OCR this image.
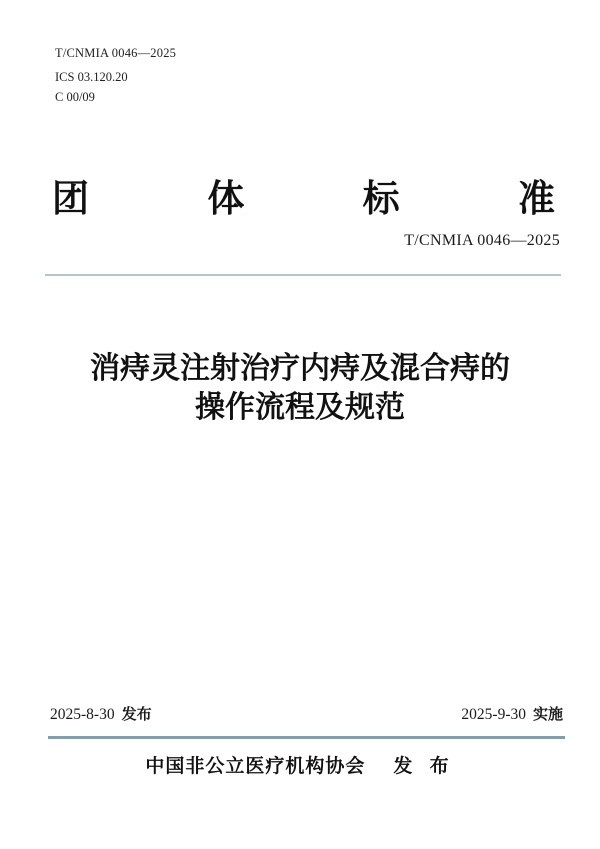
T/CNMIA 0046—2025
ICS 03.120.20
C 00/09
团	体	标	准
T/CNMIA 0046—2025
消痔灵注射治疗内痔及混合痔的
操作流程及规范
2025-8-30 发布	2025-9-30 实施
中国非公立医疗机构协会 发 布
